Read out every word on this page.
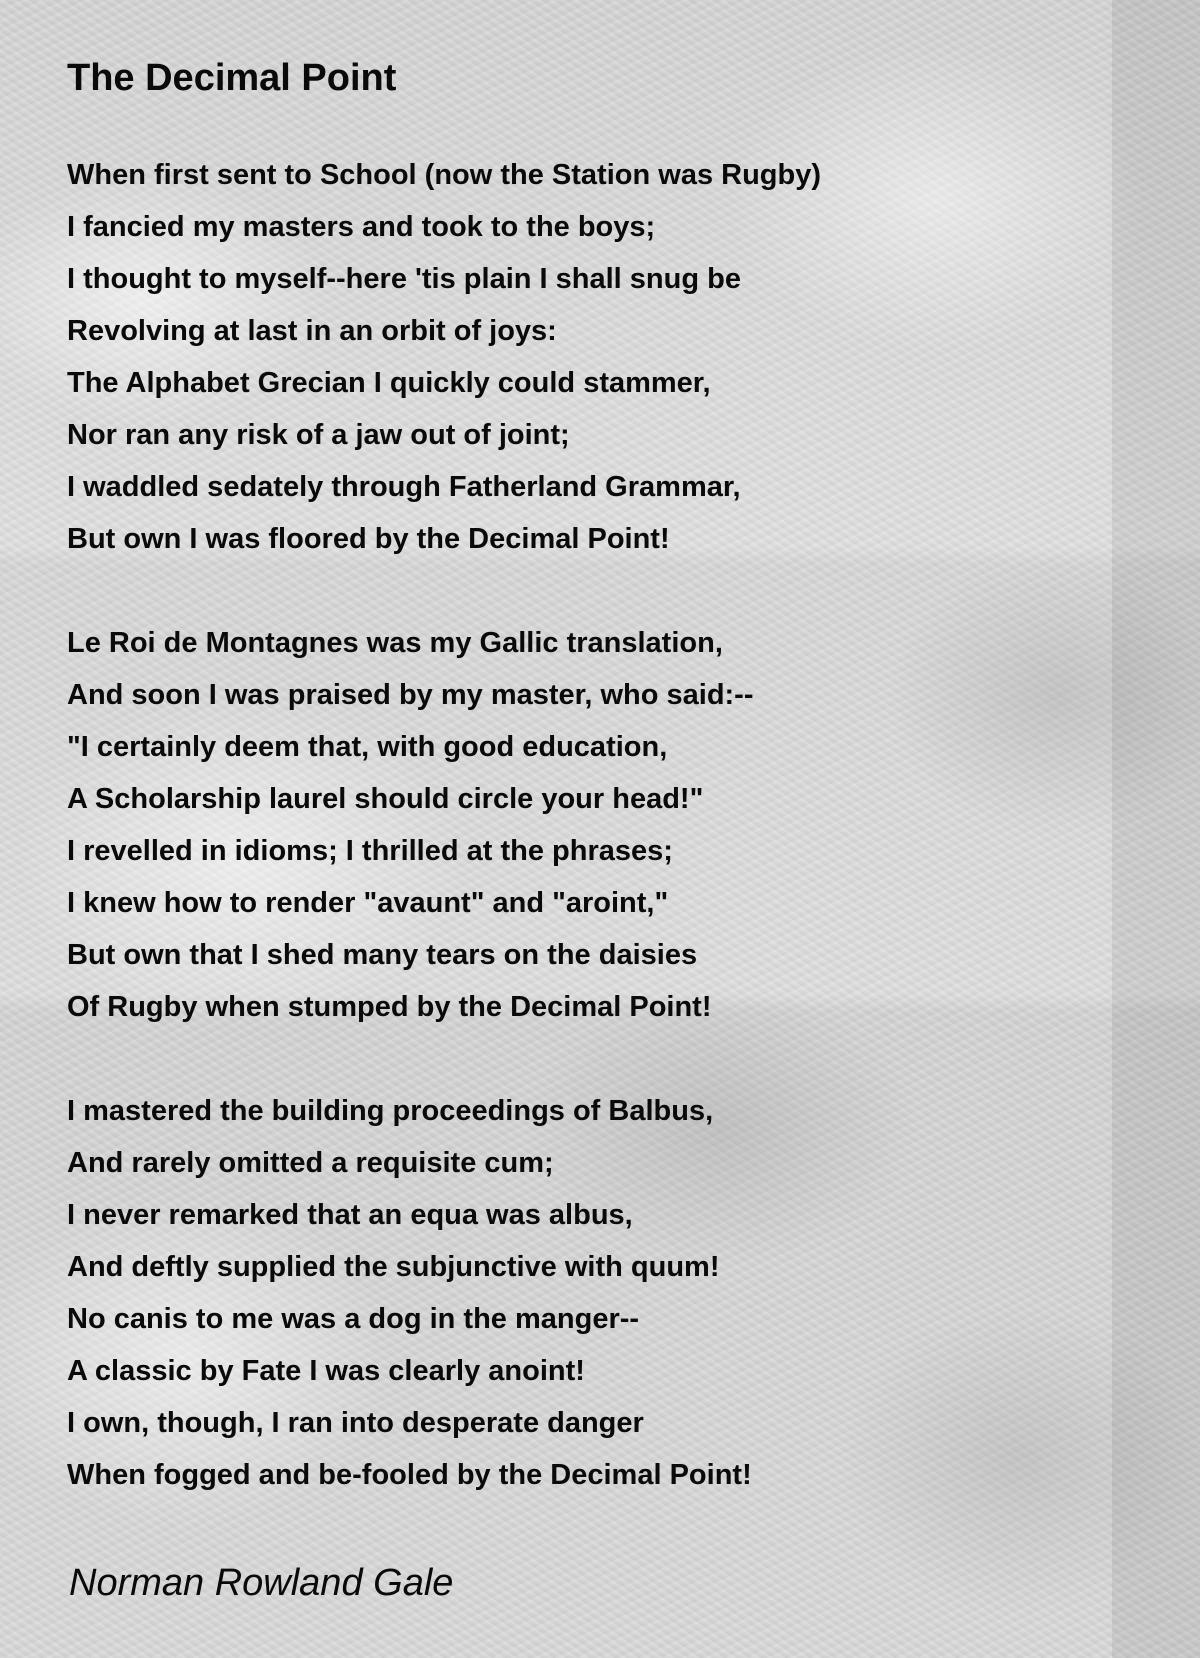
The Decimal Point
When first sent to School (now the Station was Rugby)
I fancied my masters and took to the boys;
I thought to myself--here 'tis plain I shall snug be
Revolving at last in an orbit of joys:
The Alphabet Grecian I quickly could stammer,
Nor ran any risk of a jaw out of joint;
I waddled sedately through Fatherland Grammar,
But own I was floored by the Decimal Point!
Le Roi de Montagnes was my Gallic translation,
And soon I was praised by my master, who said:--
"I certainly deem that, with good education,
A Scholarship laurel should circle your head!"
I revelled in idioms; I thrilled at the phrases;
I knew how to render "avaunt" and "aroint,"
But own that I shed many tears on the daisies
Of Rugby when stumped by the Decimal Point!
I mastered the building proceedings of Balbus,
And rarely omitted a requisite cum;
I never remarked that an equa was albus,
And deftly supplied the subjunctive with quum!
No canis to me was a dog in the manger--
A classic by Fate I was clearly anoint!
I own, though, I ran into desperate danger
When fogged and be-fooled by the Decimal Point!
Norman Rowland Gale
